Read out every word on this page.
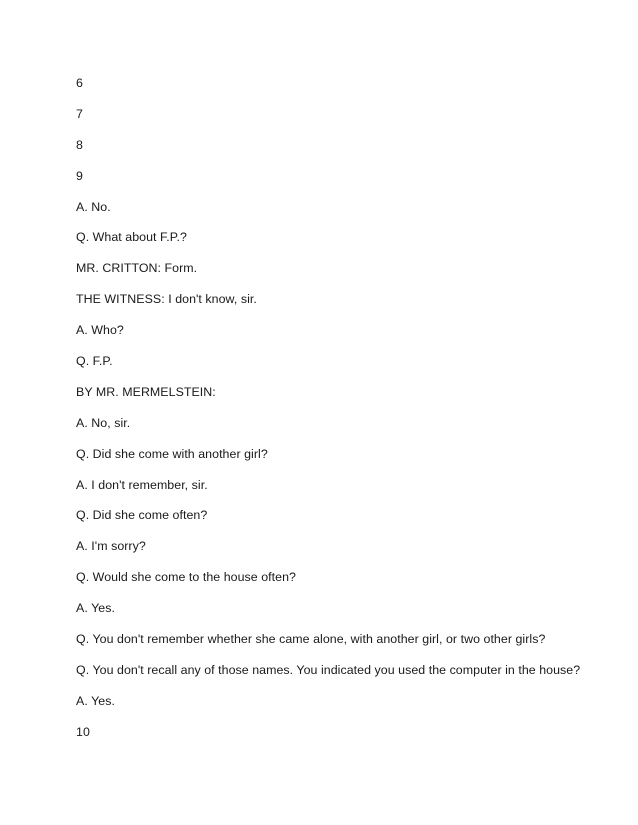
6
7
8
9
A. No.
Q. What about F.P.?
MR. CRITTON: Form.
THE WITNESS: I don't know, sir.
A. Who?
Q. F.P.
BY MR. MERMELSTEIN:
A. No, sir.
Q. Did she come with another girl?
A. I don't remember, sir.
Q. Did she come often?
A. I'm sorry?
Q. Would she come to the house often?
A. Yes.
Q. You don't remember whether she came alone, with another girl, or two other girls?
Q. You don't recall any of those names. You indicated you used the computer in the house?
A. Yes.
10
